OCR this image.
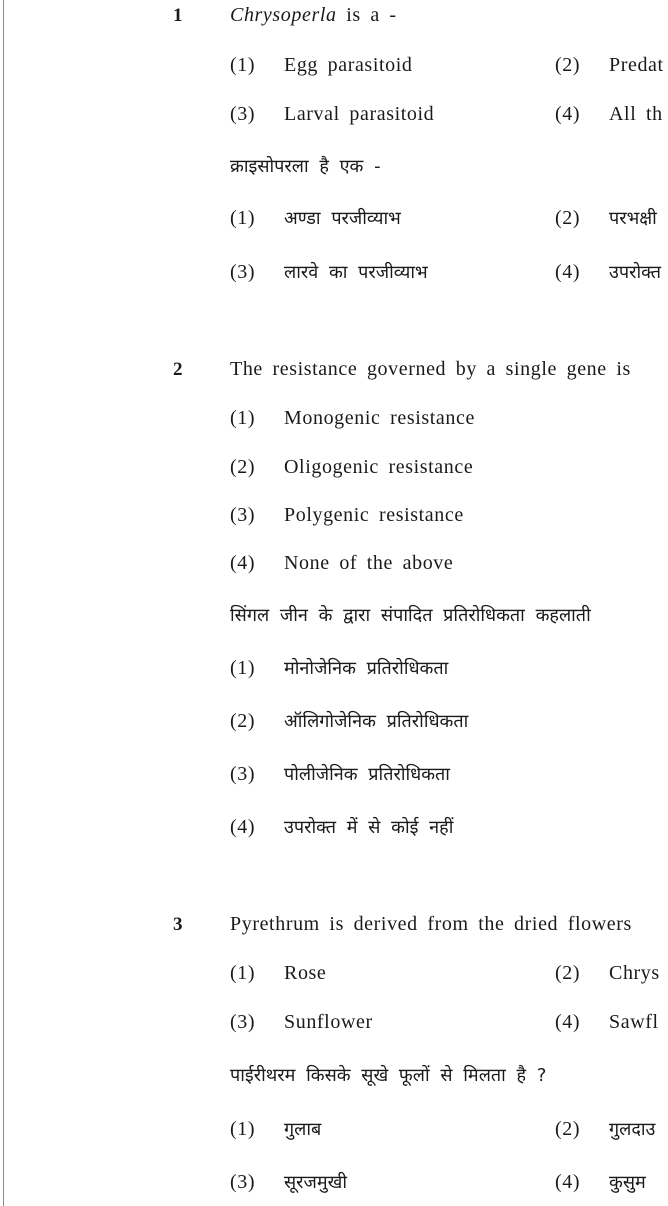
1 Chrysoperla is a -
(1) Egg parasitoid	(2) Predat
(3) Larval parasitoid	(4) All th
क्राइसोपरला है एक -
(1) अण्डा परजीव्याभ	(2) परभक्षी
(3) लारवे का परजीव्याभ	(4) उपरोक्त
2 The resistance governed by a single gene is
(1) Monogenic resistance
(2) Oligogenic resistance
(3) Polygenic resistance
(4) None of the above
सिंगल जीन के द्वारा संपादित प्रतिरोधिकता कहलाती
(1) मोनोजेनिक प्रतिरोधिकता
(2) ऑलिगोजेनिक प्रतिरोधिकता
(3) पोलीजेनिक प्रतिरोधिकता
(4) उपरोक्त में से कोई नहीं
3 Pyrethrum is derived from the dried flowers
(1) Rose	(2) Chrys
(3) Sunflower	(4) Sawfl
पाईरीथरम किसके सूखे फूलों से मिलता है ?
(1) गुलाब	(2) गुलदाउ
(3) सूरजमुखी	(4) कुसुम
